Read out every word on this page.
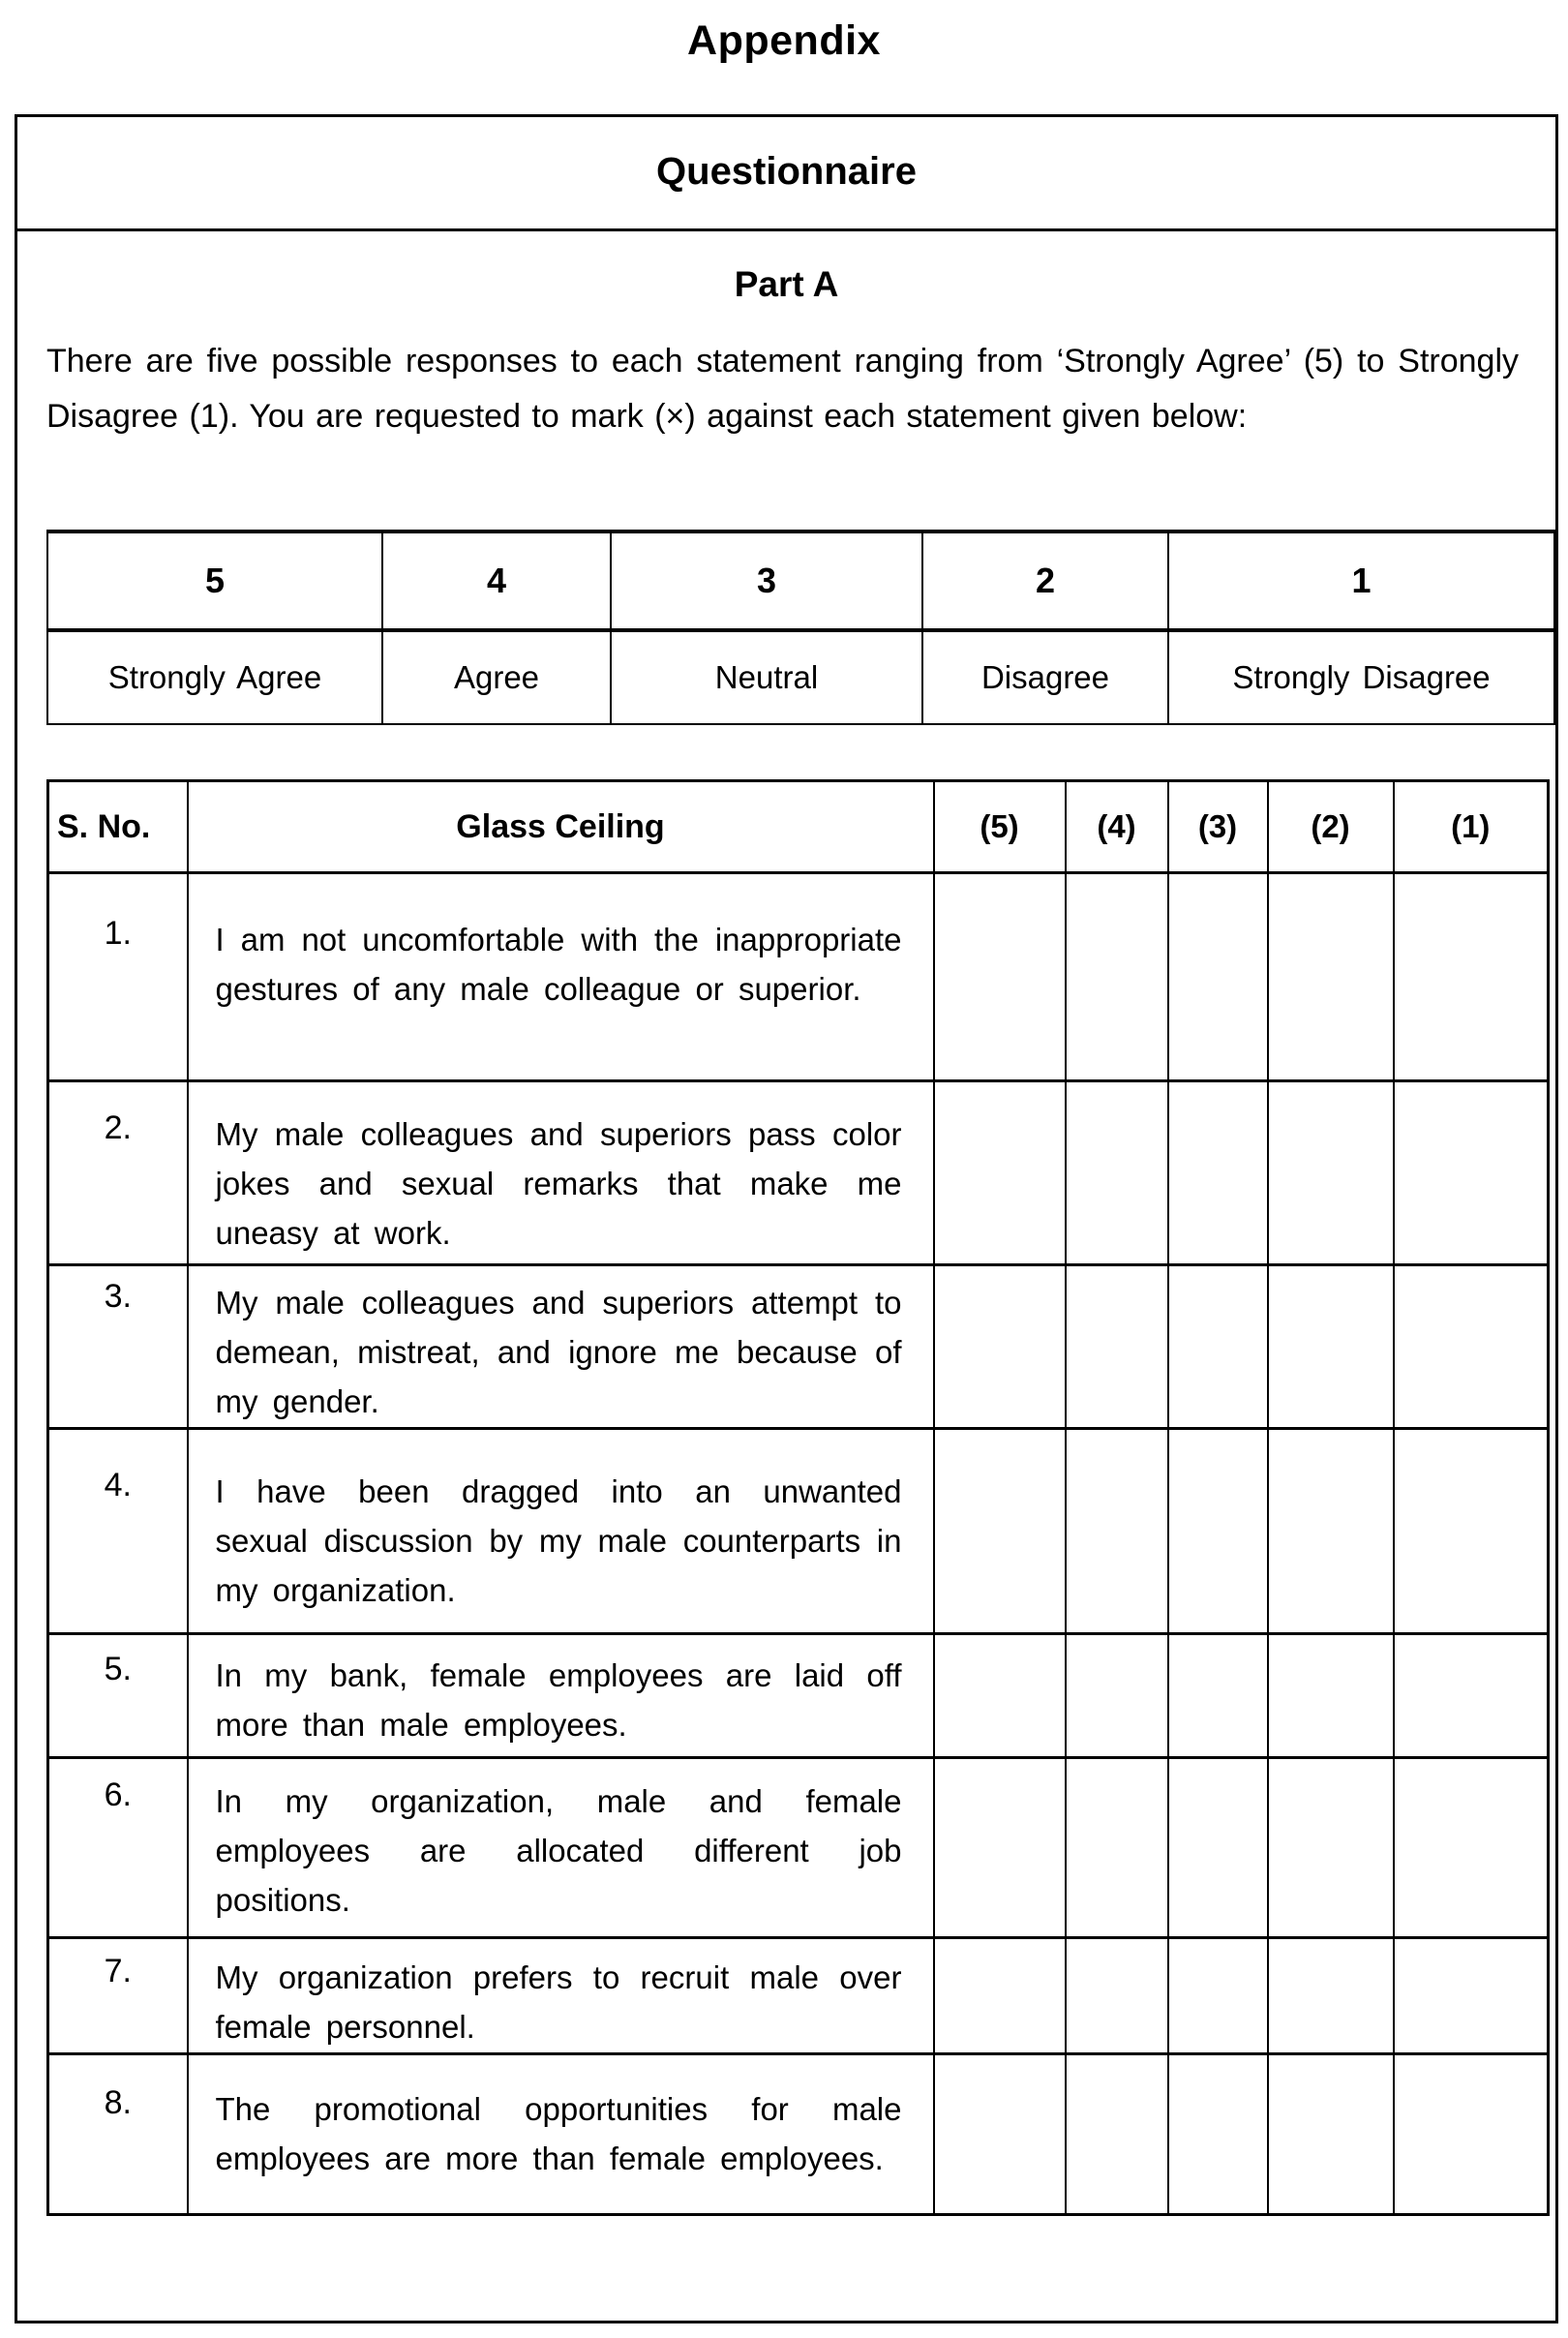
Appendix
Questionnaire
Part A

There are five possible responses to each statement ranging from ‘Strongly Agree’ (5) to Strongly Disagree (1). You are requested to mark (×) against each statement given below:

5	4	3	2	1
Strongly Agree	Agree	Neutral	Disagree	Strongly Disagree
S. No.	Glass Ceiling	(5)	(4)	(3)	(2)	(1)
1.	I am not uncomfortable with the inappropriate gestures of any male colleague or superior.					
2.	My male colleagues and superiors pass color jokes and sexual remarks that make me uneasy at work.					
3.	My male colleagues and superiors attempt to demean, mistreat, and ignore me because of my gender.					
4.	I have been dragged into an unwanted sexual discussion by my male counterparts in my organization.					
5.	In my bank, female employees are laid off more than male employees.					
6.	In my organization, male and female employees are allocated different job positions.					
7.	My organization prefers to recruit male over female personnel.					
8.	The promotional opportunities for male employees are more than female employees.					
